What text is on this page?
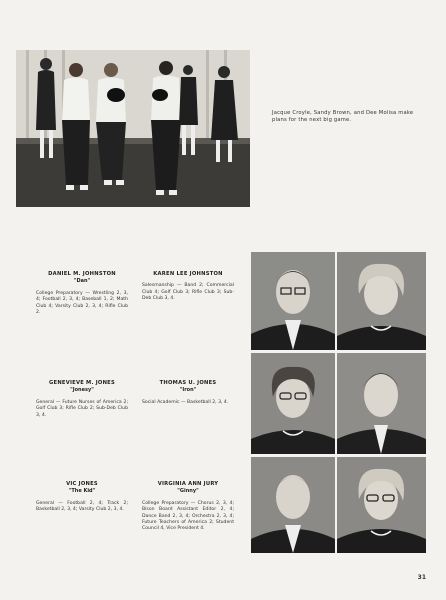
Jacque Croyle, Sandy Brown, and Dee Molisa make plans for the next big game.
DANIEL M. JOHNSTON
"Dan"
College Preparatory — Wrestling 2, 3, 4; Football 2, 3, 4; Baseball 1, 2; Math Club 4; Varsity Club 2, 3, 4; Rifle Club 2.
KAREN LEE JOHNSTON
Salesmanship — Band 2; Commercial Club 4; Golf Club 3; Rifle Club 3; Sub-Deb Club 3, 4.
GENEVIEVE M. JONES
"Jonesy"
General — Future Nurses of America 2; Golf Club 3; Rifle Club 2; Sub-Deb Club 3, 4.
THOMAS U. JONES
"Iron"
Social Academic — Basketball 2, 3, 4.
VIC JONES
"The Kid"
General — Football 2, 4; Track 2; Basketball 2, 3, 4; Varsity Club 2, 3, 4.
VIRGINIA ANN JURY
"Ginny"
College Preparatory — Chorus 2, 3, 4; Bison Board Assistant Editor 2, 4; Dance Band 2, 3, 4; Orchestra 2, 3, 4; Future Teachers of America 2; Student Council 4, Vice President 4.
31
